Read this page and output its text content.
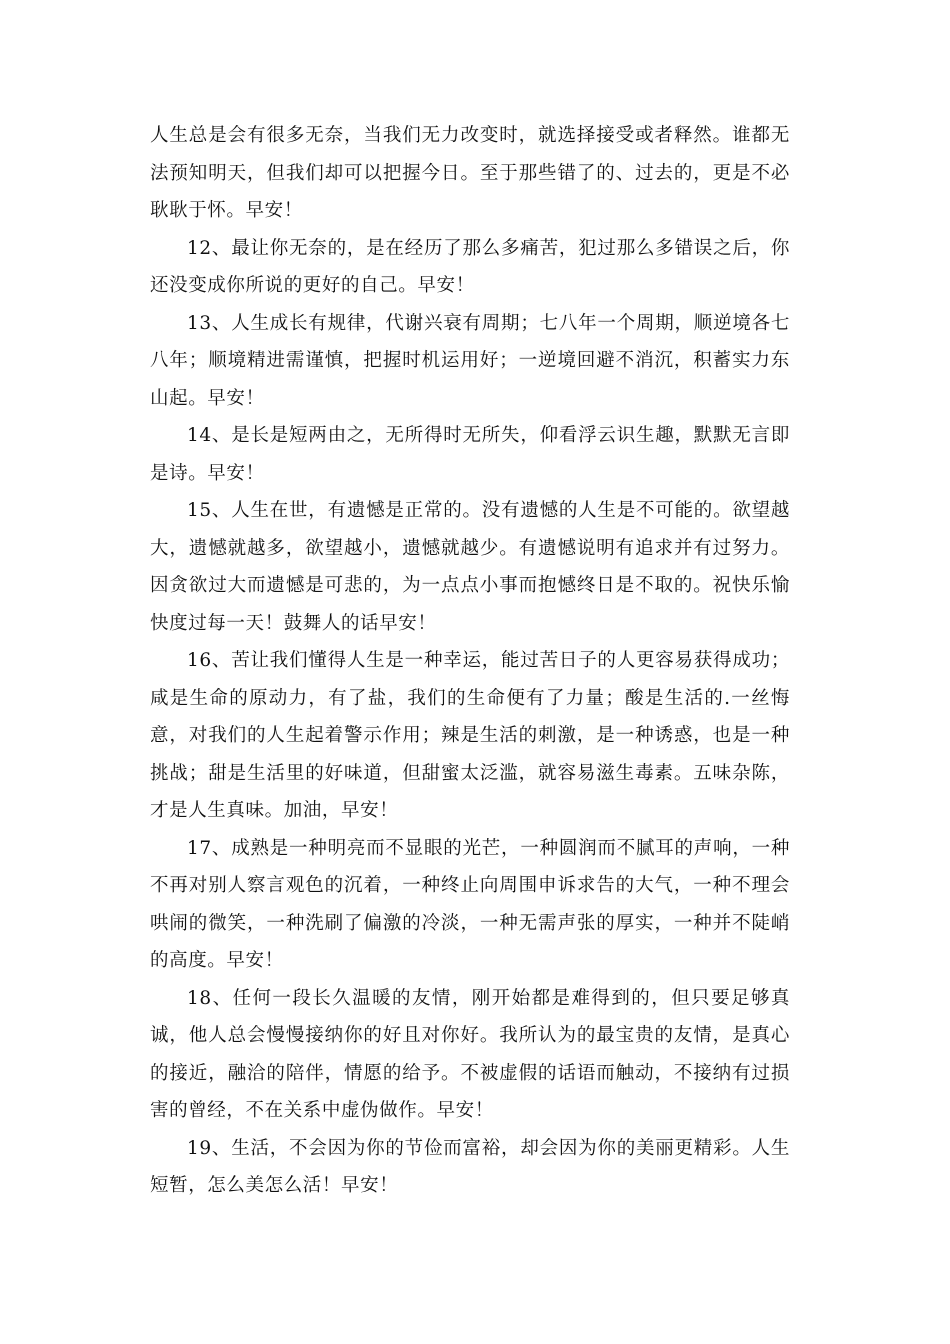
人生总是会有很多无奈，当我们无力改变时，就选择接受或者释然。谁都无法预知明天，但我们却可以把握今日。至于那些错了的、过去的，更是不必耿耿于怀。早安！

12、最让你无奈的，是在经历了那么多痛苦，犯过那么多错误之后，你还没变成你所说的更好的自己。早安！

13、人生成长有规律，代谢兴衰有周期；七八年一个周期，顺逆境各七八年；顺境精进需谨慎，把握时机运用好；一逆境回避不消沉，积蓄实力东山起。早安！

14、是长是短两由之，无所得时无所失，仰看浮云识生趣，默默无言即是诗。早安！

15、人生在世，有遗憾是正常的。没有遗憾的人生是不可能的。欲望越大，遗憾就越多，欲望越小，遗憾就越少。有遗憾说明有追求并有过努力。因贪欲过大而遗憾是可悲的，为一点点小事而抱憾终日是不取的。祝快乐愉快度过每一天！鼓舞人的话早安！

16、苦让我们懂得人生是一种幸运，能过苦日子的人更容易获得成功；咸是生命的原动力，有了盐，我们的生命便有了力量；酸是生活的.一丝悔意，对我们的人生起着警示作用；辣是生活的刺激，是一种诱惑，也是一种挑战；甜是生活里的好味道，但甜蜜太泛滥，就容易滋生毒素。五味杂陈，才是人生真味。加油，早安！

17、成熟是一种明亮而不显眼的光芒，一种圆润而不腻耳的声响，一种不再对别人察言观色的沉着，一种终止向周围申诉求告的大气，一种不理会哄闹的微笑，一种洗刷了偏激的冷淡，一种无需声张的厚实，一种并不陡峭的高度。早安！

18、任何一段长久温暖的友情，刚开始都是难得到的，但只要足够真诚，他人总会慢慢接纳你的好且对你好。我所认为的最宝贵的友情，是真心的接近，融洽的陪伴，情愿的给予。不被虚假的话语而触动，不接纳有过损害的曾经，不在关系中虚伪做作。早安！

19、生活，不会因为你的节俭而富裕，却会因为你的美丽更精彩。人生短暂，怎么美怎么活！早安！
